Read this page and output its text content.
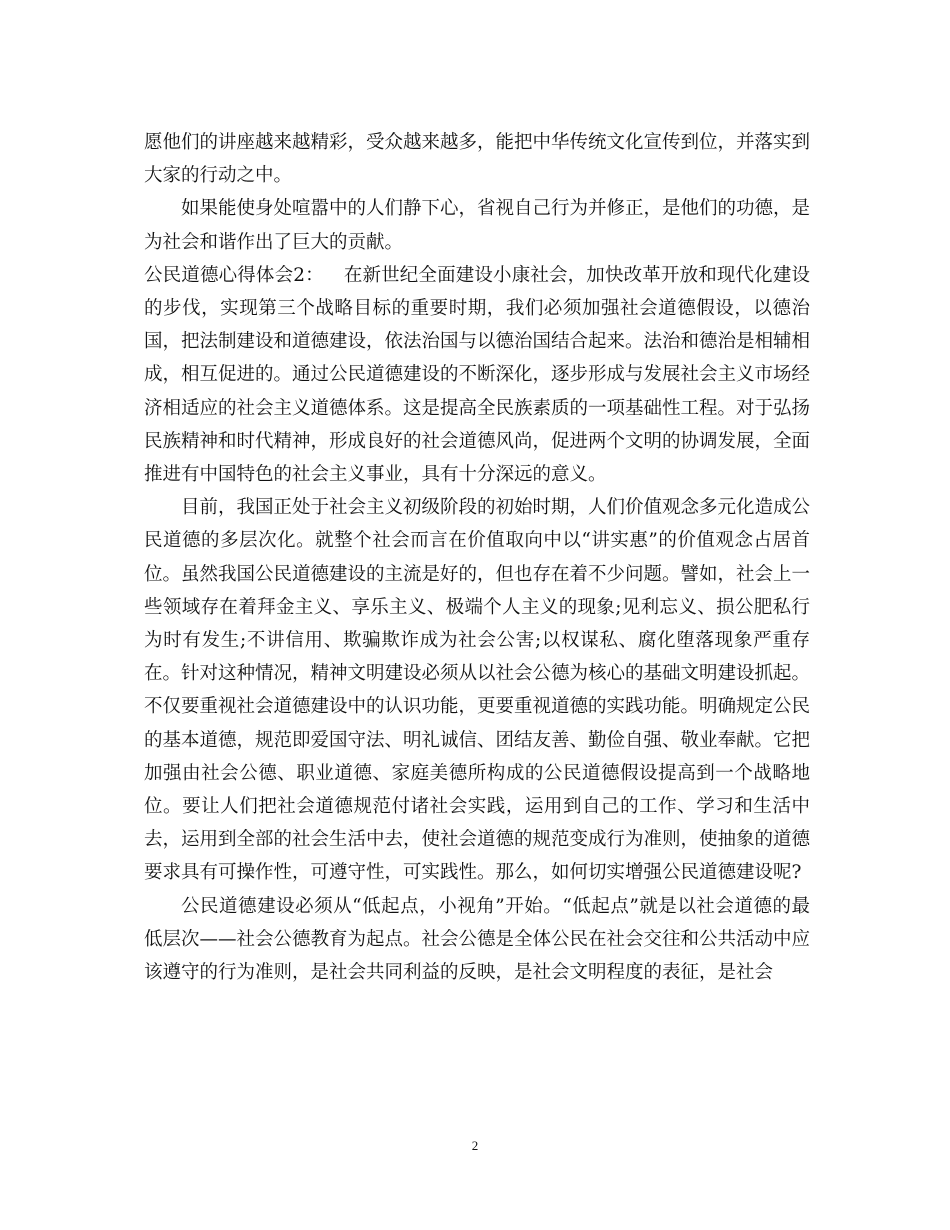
愿他们的讲座越来越精彩，受众越来越多，能把中华传统文化宣传到位，并落实到大家的行动之中。

如果能使身处喧嚣中的人们静下心，省视自己行为并修正，是他们的功德，是为社会和谐作出了巨大的贡献。

公民道德心得体会2： 在新世纪全面建设小康社会，加快改革开放和现代化建设的步伐，实现第三个战略目标的重要时期，我们必须加强社会道德假设，以德治国，把法制建设和道德建设，依法治国与以德治国结合起来。法治和德治是相辅相成，相互促进的。通过公民道德建设的不断深化，逐步形成与发展社会主义市场经济相适应的社会主义道德体系。这是提高全民族素质的一项基础性工程。对于弘扬民族精神和时代精神，形成良好的社会道德风尚，促进两个文明的协调发展，全面推进有中国特色的社会主义事业，具有十分深远的意义。

目前，我国正处于社会主义初级阶段的初始时期，人们价值观念多元化造成公民道德的多层次化。就整个社会而言在价值取向中以“讲实惠”的价值观念占居首位。虽然我国公民道德建设的主流是好的，但也存在着不少问题。譬如，社会上一些领域存在着拜金主义、享乐主义、极端个人主义的现象;见利忘义、损公肥私行为时有发生;不讲信用、欺骗欺诈成为社会公害;以权谋私、腐化堕落现象严重存在。针对这种情况，精神文明建设必须从以社会公德为核心的基础文明建设抓起。不仅要重视社会道德建设中的认识功能，更要重视道德的实践功能。明确规定公民的基本道德，规范即爱国守法、明礼诚信、团结友善、勤俭自强、敬业奉献。它把加强由社会公德、职业道德、家庭美德所构成的公民道德假设提高到一个战略地位。要让人们把社会道德规范付诸社会实践，运用到自己的工作、学习和生活中去，运用到全部的社会生活中去，使社会道德的规范变成行为准则，使抽象的道德要求具有可操作性，可遵守性，可实践性。那么，如何切实增强公民道德建设呢?

公民道德建设必须从“低起点，小视角”开始。“低起点”就是以社会道德的最低层次——社会公德教育为起点。社会公德是全体公民在社会交往和公共活动中应该遵守的行为准则，是社会共同利益的反映，是社会文明程度的表征，是社会

2
